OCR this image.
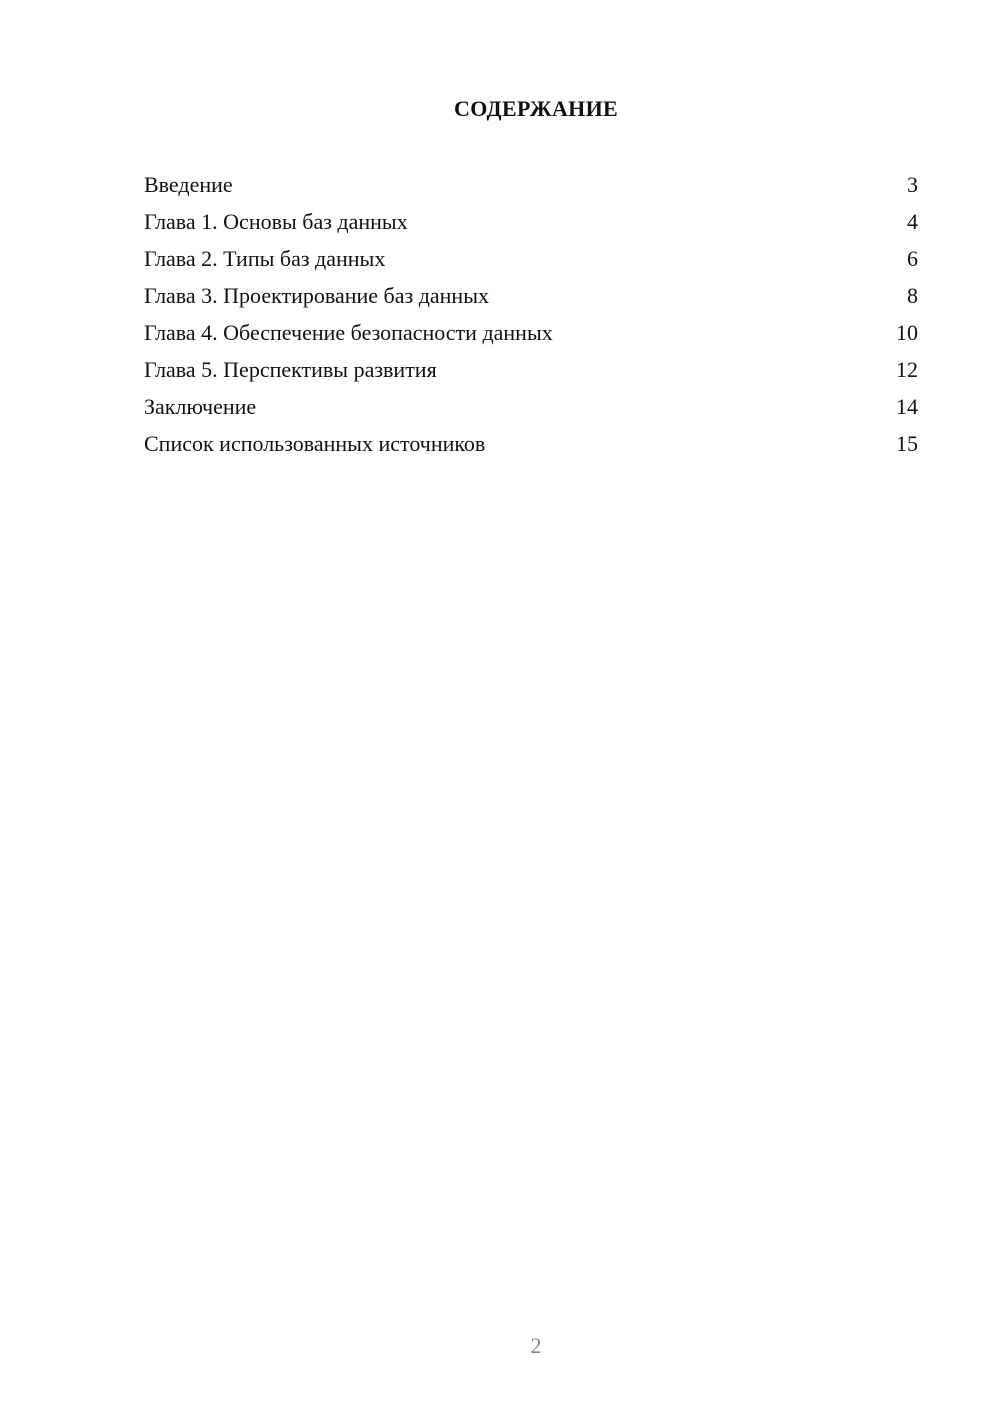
СОДЕРЖАНИЕ
Введение	3
Глава 1. Основы баз данных	4
Глава 2. Типы баз данных	6
Глава 3. Проектирование баз данных	8
Глава 4. Обеспечение безопасности данных	10
Глава 5. Перспективы развития	12
Заключение	14
Список использованных источников	15
2
